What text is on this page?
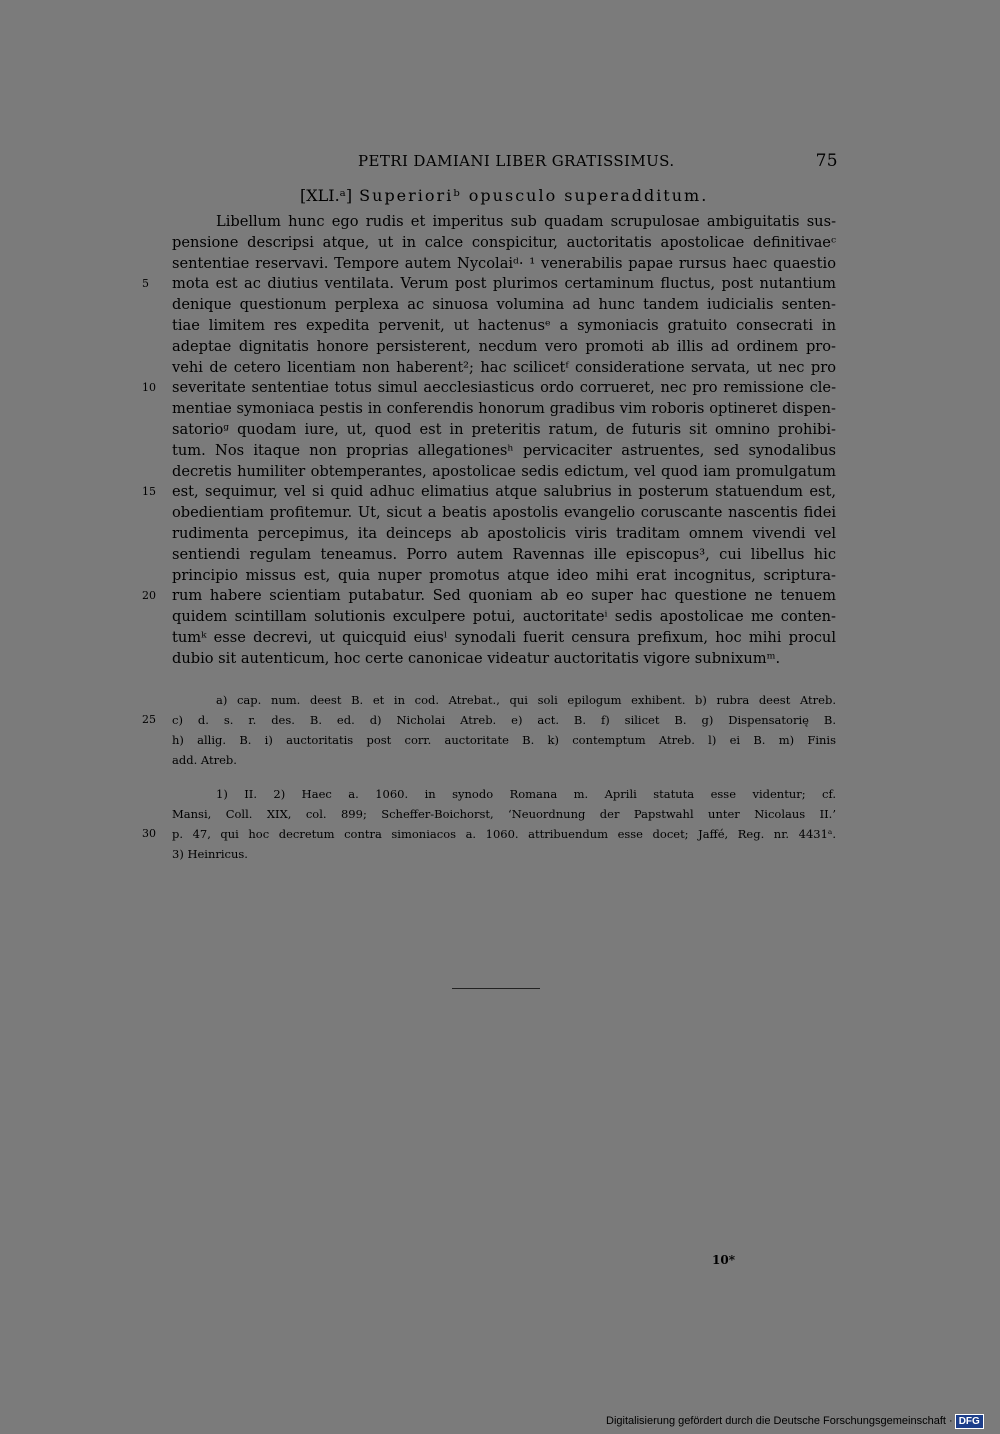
PETRI DAMIANI LIBER GRATISSIMUS.	75
[XLI.ᵃ] Superioriᵇ opusculo superadditum.
Libellum hunc ego rudis et imperitus sub quadam scrupulosae ambiguitatis sus-
pensione descripsi atque, ut in calce conspicitur, auctoritatis apostolicae definitivaeᶜ
sententiae reservavi. Tempore autem Nycolaiᵈ· ¹ venerabilis papae rursus haec quaestio
mota est ac diutius ventilata. Verum post plurimos certaminum fluctus, post nutantium
5
denique questionum perplexa ac sinuosa volumina ad hunc tandem iudicialis senten-
tiae limitem res expedita pervenit, ut hactenusᵉ a symoniacis gratuito consecrati in
adeptae dignitatis honore persisterent, necdum vero promoti ab illis ad ordinem pro-
vehi de cetero licentiam non haberent²; hac scilicetᶠ consideratione servata, ut nec pro
severitate sententiae totus simul aecclesiasticus ordo corrueret, nec pro remissione cle-
10
mentiae symoniaca pestis in conferendis honorum gradibus vim roboris optineret dispen-
satorioᵍ quodam iure, ut, quod est in preteritis ratum, de futuris sit omnino prohibi-
tum. Nos itaque non proprias allegationesʰ pervicaciter astruentes, sed synodalibus
decretis humiliter obtemperantes, apostolicae sedis edictum, vel quod iam promulgatum
est, sequimur, vel si quid adhuc elimatius atque salubrius in posterum statuendum est,
15
obedientiam profitemur. Ut, sicut a beatis apostolis evangelio coruscante nascentis fidei
rudimenta percepimus, ita deinceps ab apostolicis viris traditam omnem vivendi vel
sentiendi regulam teneamus. Porro autem Ravennas ille episcopus³, cui libellus hic
principio missus est, quia nuper promotus atque ideo mihi erat incognitus, scriptura-
rum habere scientiam putabatur. Sed quoniam ab eo super hac questione ne tenuem
20
quidem scintillam solutionis exculpere potui, auctoritateⁱ sedis apostolicae me conten-
tumᵏ esse decrevi, ut quicquid eiusˡ synodali fuerit censura prefixum, hoc mihi procul
dubio sit autenticum, hoc certe canonicae videatur auctoritatis vigore subnixumᵐ.
a) cap. num. deest B. et in cod. Atrebat., qui soli epilogum exhibent. b) rubra deest Atreb.
c) d. s. r. des. B. ed. d) Nicholai Atreb. e) act. B. f) silicet B. g) Dispensatorię B.
25
h) allig. B. i) auctoritatis post corr. auctoritate B. k) contemptum Atreb. l) ei B. m) Finis
add. Atreb.
1) II. 2) Haec a. 1060. in synodo Romana m. Aprili statuta esse videntur; cf.
Mansi, Coll. XIX, col. 899; Scheffer-Boichorst, ‘Neuordnung der Papstwahl unter Nicolaus II.’
p. 47, qui hoc decretum contra simoniacos a. 1060. attribuendum esse docet; Jaffé, Reg. nr. 4431ᵃ.
30
3) Heinricus.
10*
Digitalisierung gefördert durch die Deutsche Forschungsgemeinschaft · DFG
